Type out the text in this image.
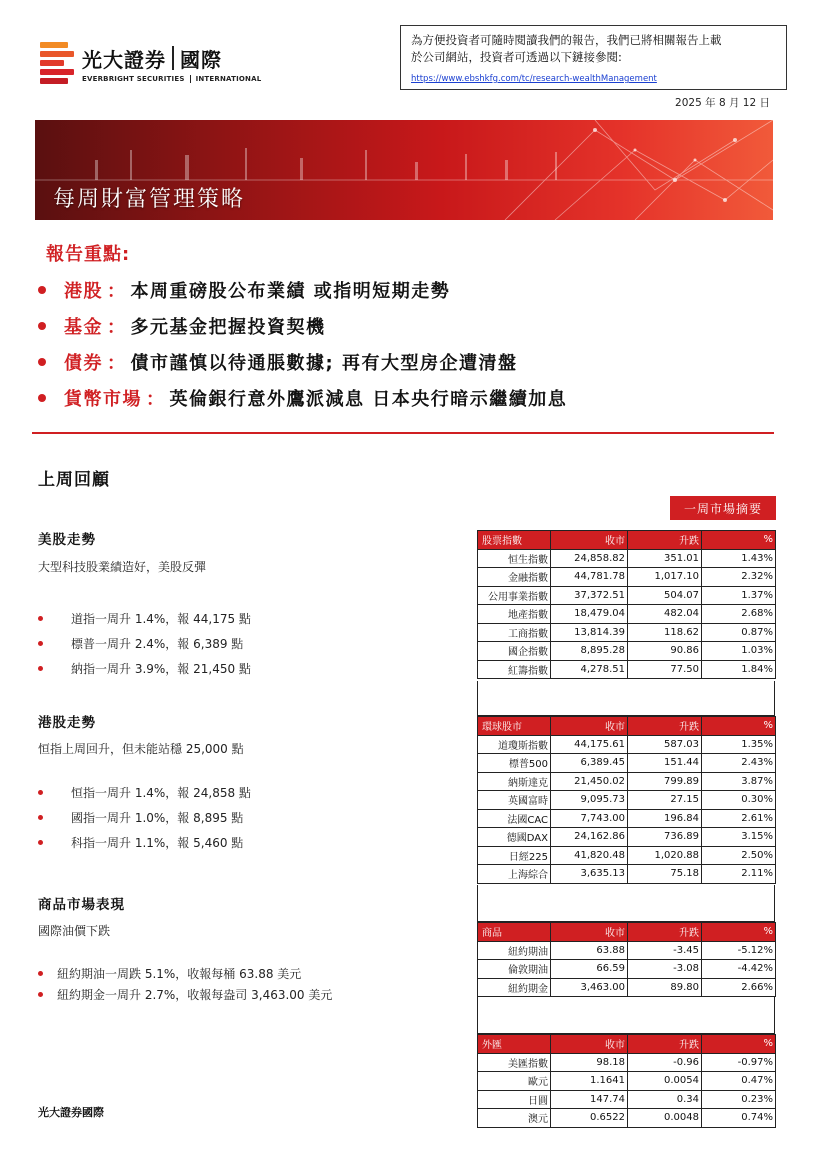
光大證券 國際
EVERBRIGHT SECURITIES INTERNATIONAL
為方便投資者可隨時閱讀我們的報告，我們已將相關報告上載
於公司網站，投資者可透過以下鏈接參閱:
https://www.ebshkfg.com/tc/research-wealthManagement
2025 年 8 月 12 日
每周財富管理策略
報告重點:
港股 ： 本周重磅股公布業績 或指明短期走勢
基金 ： 多元基金把握投資契機
債券 ： 債市謹慎以待通脹數據; 再有大型房企遭清盤
貨幣市場 ： 英倫銀行意外鷹派減息 日本央行暗示繼續加息
上周回顧
美股走勢
大型科技股業績造好，美股反彈
道指一周升 1.4%，報 44,175 點
標普一周升 2.4%，報 6,389 點
納指一周升 3.9%，報 21,450 點
港股走勢
恒指上周回升，但未能站穩 25,000 點
恒指一周升 1.4%，報 24,858 點
國指一周升 1.0%，報 8,895 點
科指一周升 1.1%，報 5,460 點
商品市場表現
國際油價下跌
紐約期油一周跌 5.1%，收報每桶 63.88 美元
紐約期金一周升 2.7%，收報每盎司 3,463.00 美元
光大證券國際
一周市場摘要
股票指數	收市	升跌	%
恒生指數	24,858.82	351.01	1.43%
金融指數	44,781.78	1,017.10	2.32%
公用事業指數	37,372.51	504.07	1.37%
地產指數	18,479.04	482.04	2.68%
工商指數	13,814.39	118.62	0.87%
國企指數	8,895.28	90.86	1.03%
紅籌指數	4,278.51	77.50	1.84%
環球股市	收市	升跌	%
道瓊斯指數	44,175.61	587.03	1.35%
標普500	6,389.45	151.44	2.43%
納斯達克	21,450.02	799.89	3.87%
英國富時	9,095.73	27.15	0.30%
法國CAC	7,743.00	196.84	2.61%
德國DAX	24,162.86	736.89	3.15%
日經225	41,820.48	1,020.88	2.50%
上海綜合	3,635.13	75.18	2.11%
商品	收市	升跌	%
紐約期油	63.88	-3.45	-5.12%
倫敦期油	66.59	-3.08	-4.42%
紐約期金	3,463.00	89.80	2.66%
外匯	收市	升跌	%
美匯指數	98.18	-0.96	-0.97%
歐元	1.1641	0.0054	0.47%
日圓	147.74	0.34	0.23%
澳元	0.6522	0.0048	0.74%
